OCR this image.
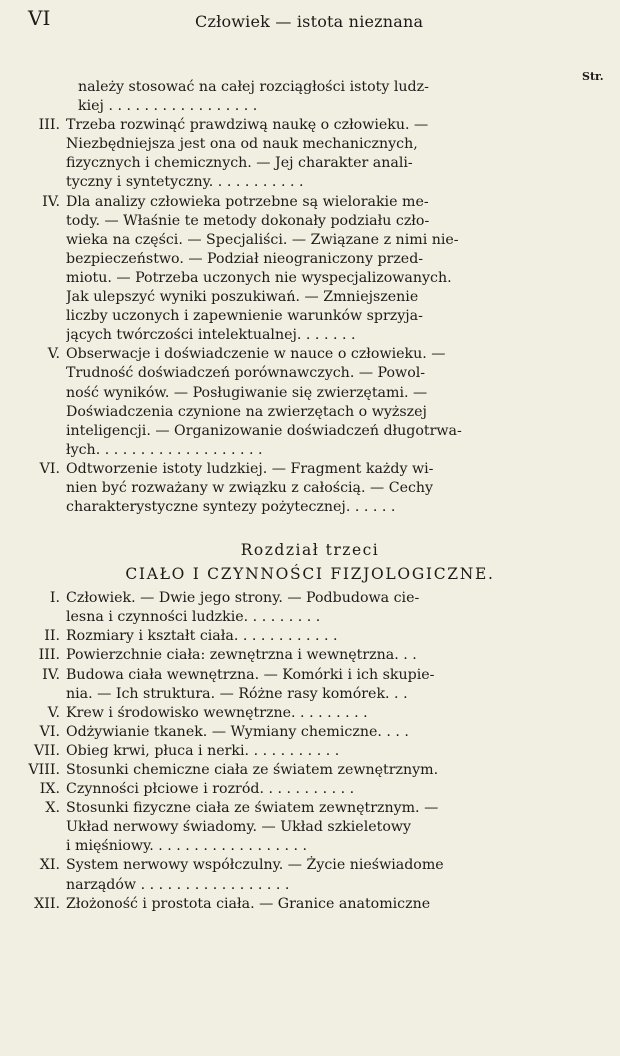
VI	Człowiek — istota nieznana
Str.
należy stosować na całej rozciągłości istoty ludz-
kiej . . . . . . . . . . . . . . . . .
III. Trzeba rozwinąć prawdziwą naukę o człowieku. —
Niezbędniejsza jest ona od nauk mechanicznych,
fizycznych i chemicznych. — Jej charakter anali-
tyczny i syntetyczny. . . . . . . . . . .
IV. Dla analizy człowieka potrzebne są wielorakie me-
tody. — Właśnie te metody dokonały podziału czło-
wieka na części. — Specjaliści. — Związane z nimi nie-
bezpieczeństwo. — Podział nieograniczony przed-
miotu. — Potrzeba uczonych nie wyspecjalizowanych.
Jak ulepszyć wyniki poszukiwań. — Zmniejszenie
liczby uczonych i zapewnienie warunków sprzyja-
jących twórczości intelektualnej. . . . . . .
V. Obserwacje i doświadczenie w nauce o człowieku. —
Trudność doświadczeń porównawczych. — Powol-
ność wyników. — Posługiwanie się zwierzętami. —
Doświadczenia czynione na zwierzętach o wyższej
inteligencji. — Organizowanie doświadczeń długotrwa-
łych. . . . . . . . . . . . . . . . . . .
VI. Odtworzenie istoty ludzkiej. — Fragment każdy wi-
nien być rozważany w związku z całością. — Cechy
charakterystyczne syntezy pożytecznej. . . . . .
Rozdział trzeci
CIAŁO I CZYNNOŚCI FIZJOLOGICZNE.
I. Człowiek. — Dwie jego strony. — Podbudowa cie-
lesna i czynności ludzkie. . . . . . . . .
II. Rozmiary i kształt ciała. . . . . . . . . . . .
III. Powierzchnie ciała: zewnętrzna i wewnętrzna. . .
IV. Budowa ciała wewnętrzna. — Komórki i ich skupie-
nia. — Ich struktura. — Różne rasy komórek. . .
V. Krew i środowisko wewnętrzne. . . . . . . . .
VI. Odżywianie tkanek. — Wymiany chemiczne. . . .
VII. Obieg krwi, płuca i nerki. . . . . . . . . . .
VIII. Stosunki chemiczne ciała ze światem zewnętrznym.
IX. Czynności płciowe i rozród. . . . . . . . . . .
X. Stosunki fizyczne ciała ze światem zewnętrznym. —
Układ nerwowy świadomy. — Układ szkieletowy
i mięśniowy. . . . . . . . . . . . . . . . . .
XI. System nerwowy współczulny. — Życie nieświadome
narządów . . . . . . . . . . . . . . . . .
XII. Złożoność i prostota ciała. — Granice anatomiczne
